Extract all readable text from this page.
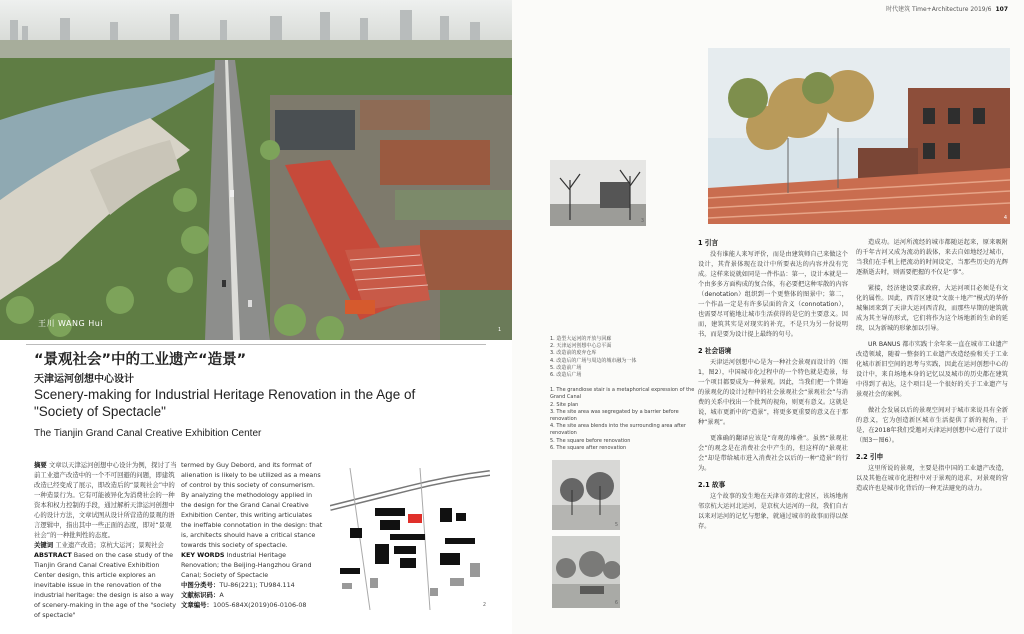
王川 WANG Hui
1
“景观社会”中的工业遗产“造景”
天津运河创想中心设计
Scenery-making for Industrial Heritage Renovation in the Age of "Society of Spectacle"
The Tianjin Grand Canal Creative Exhibition Center
摘要 文章以天津运河创想中心设计为例，探讨了当前工业遗产改造中的一个不可回避的问题，即建筑改造已经变成了展示，即改造后的“景观社会”中的一种造景行为。它有可能被异化为消费社会的一种资本和权力控制的手段，通过解析天津运河创想中心的设计方法，文章试图从设计所营造的景观的语言逻辑中，指出其中一些正面的态度，即对“景观社会”的一种批判性的态度。
关键词 工业遗产改造；京杭大运河；景观社会
ABSTRACT Based on the case study of the Tianjin Grand Canal Creative Exhibition Center design, this article explores an inevitable issue in the renovation of the industrial heritage: the design is also a way of scenery-making in the age of the "society of spectacle"
termed by Guy Debord, and its format of alienation is likely to be utilized as a means of control by this society of consumerism. By analyzing the methodology applied in the design for the Grand Canal Creative Exhibition Center, this writing articulates the ineffable connotation in the design: that is, architects should have a critical stance towards this society of spectacle.
KEY WORDS Industrial Heritage Renovation; the Beijing-Hangzhou Grand Canal; Society of Spectacle
中图分类号：TU-86(221); TU984.114
文献标识码：A
文章编号：1005-684X(2019)06-0106-08	2
时代建筑 Time+Architecture 2019/6 107
3	4

1. 造型大运河的开放与回廊

2. 天津运河创想中心总平面

3. 改造前的废弃仓库

4. 改造后的广场与周边的城市融为一体

5. 改造前广场

6. 改造后广场

1. The grandiose stair is a metaphorical expression of the Grand Canal

2. Site plan

3. The site area was segregated by a barrier before renovation

4. The site area blends into the surrounding area after renovation

5. The square before renovation

6. The square after renovation

5
6
1 引言

没有谁能人来写评价，而是由建筑师自己来做这个设计，其背景体现在设计中所要表达的内容并没有完成。这样来说就如同是一件作品：第一，设计本就是一个由多多方面构成的复合体，有必要把这种零散的内容（denotation）组织到一个更整体的图景中；第二，一个作品一定是有许多层面的含义（connotation），也需要尽可能地让城市生活获得的是它的主要意义。因而，建筑其实是对现实的补充，不是只为另一份说明书，而是要为设计提上最终的句号。

2 社会语境

天津运河创想中心是为一种社会景观而设计的（图1，图2），中国城市化过程中的一个特色就是造景，每一个项目都要成为一种景观。因此，当我们把一个普遍的景观化的设计过程中的社会景观社会“景观社会”与消费的关系中找出一个批判的视角，则更有意义。这就是说，城市更新中的“造景”，将更多更重要的意义在于那种“景观”。

更准确的翻译应该是“奇观的堆叠”。虽然“景观社会”的观念是在消费社会中产生的，但这样的“景观社会”却是带给城市进入消费社会以后的一种“造景”的行为。

2.1 故事

这个故事的发生地在天津市郊的北营区，该场地南邻京杭大运河北运河，是京杭大运河的一段，我们自古以来对运河的记忆与想象，就通过城市的故事而得以保存。

造成功。运河所流经的城市都随运起来，原来吸附的千年古河又成为流动的载体，来去自如地经过城市，当我们在手机上把流动的时间设定，当那些历史的光辉逐渐逝去时，则需要把握的不仅是“事”。

紧接，经济建设要求政府，大运河项目必须是有文化的属性。因此，西青区建设“文旅＋地产”模式的华侨城集团来到了天津大运河西青段，而那些早期的建筑就成为其主导的形式，它们将作为这个场地新的生命的延续，以为新城的形象加以引导。

UR BANUS 都市实践十余年来一直在城市工业遗产改造领域，随着一整套的工业遗产改造经验和关于工业化城市新旧空间的思考与实践，因此在运河创想中心的设计中，来自场地本身的记忆以及城市的历史都在建筑中得到了表达，这个项目是一个很好的关于工业遗产与景观社会的案例。

做社会发展以后的景观空间对于城市来说具有全新的意义，它为创造新区城市生活提供了新的视角，于是，在2018年我们受邀对天津运河创想中心进行了设计（图3～图6）。

2.2 引申

这里所说的景观，主要是指中国的工业遗产改造，以及其他在城市化进程中对于景观的追求，对景观的营造或许也是城市化背后的一种无法避免的动力。
